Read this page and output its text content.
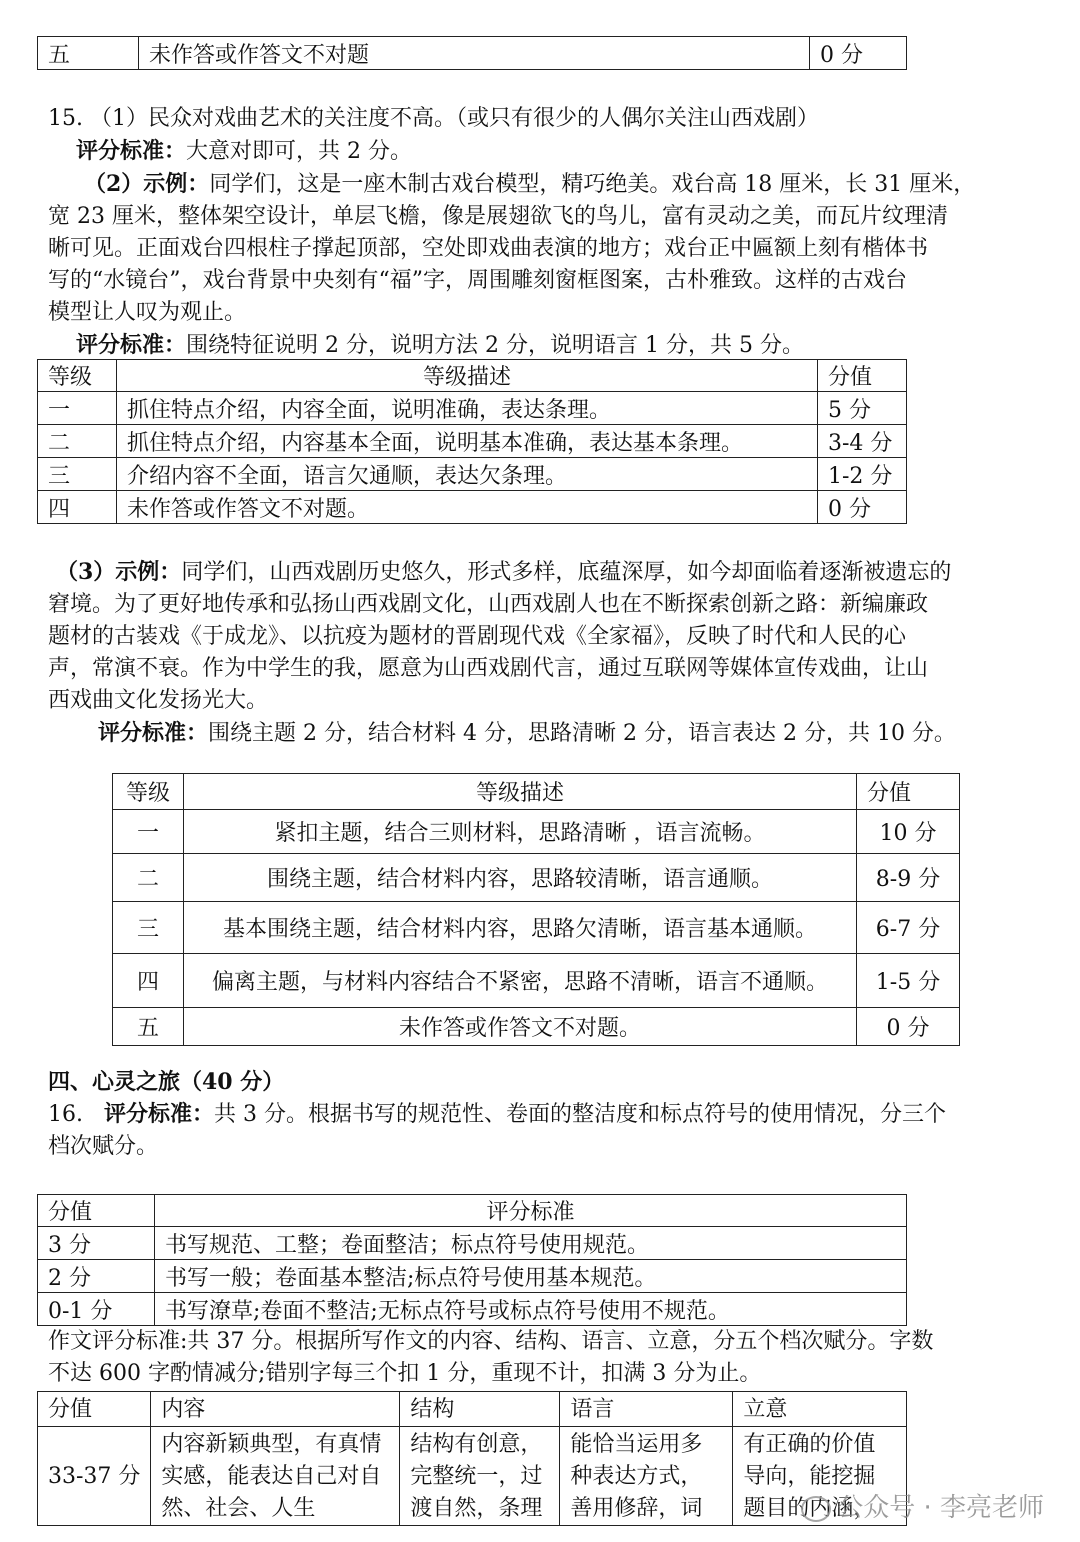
五	未作答或作答文不对题	0 分
15. （1）民众对戏曲艺术的关注度不高。（或只有很少的人偶尔关注山西戏剧）
评分标准：大意对即可，共 2 分。
（2）示例：同学们，这是一座木制古戏台模型，精巧绝美。戏台高 18 厘米，长 31 厘米，
宽 23 厘米，整体架空设计，单层飞檐，像是展翅欲飞的鸟儿，富有灵动之美，而瓦片纹理清
晰可见。正面戏台四根柱子撑起顶部，空处即戏曲表演的地方；戏台正中匾额上刻有楷体书
写的“水镜台”，戏台背景中央刻有“福”字，周围雕刻窗框图案，古朴雅致。这样的古戏台
模型让人叹为观止。
评分标准：围绕特征说明 2 分，说明方法 2 分，说明语言 1 分，共 5 分。
等级	等级描述	分值
一	抓住特点介绍，内容全面，说明准确，表达条理。	5 分
二	抓住特点介绍，内容基本全面，说明基本准确，表达基本条理。	3-4 分
三	介绍内容不全面，语言欠通顺，表达欠条理。	1-2 分
四	未作答或作答文不对题。	0 分
（3）示例：同学们，山西戏剧历史悠久，形式多样，底蕴深厚，如今却面临着逐渐被遗忘的
窘境。为了更好地传承和弘扬山西戏剧文化，山西戏剧人也在不断探索创新之路：新编廉政
题材的古装戏《于成龙》、以抗疫为题材的晋剧现代戏《全家福》，反映了时代和人民的心
声，常演不衰。作为中学生的我，愿意为山西戏剧代言，通过互联网等媒体宣传戏曲，让山
西戏曲文化发扬光大。
评分标准：围绕主题 2 分，结合材料 4 分，思路清晰 2 分，语言表达 2 分，共 10 分。
等级	等级描述	分值
一	紧扣主题，结合三则材料，思路清晰 ，语言流畅。	10 分
二	围绕主题，结合材料内容，思路较清晰，语言通顺。	8-9 分
三	基本围绕主题，结合材料内容，思路欠清晰，语言基本通顺。	6-7 分
四	偏离主题，与材料内容结合不紧密，思路不清晰，语言不通顺。	1-5 分
五	未作答或作答文不对题。	0 分
四、心灵之旅（40 分）
16. 评分标准：共 3 分。根据书写的规范性、卷面的整洁度和标点符号的使用情况，分三个
档次赋分。
分值	评分标准
3 分	书写规范、工整；卷面整洁；标点符号使用规范。
2 分	书写一般；卷面基本整洁;标点符号使用基本规范。
0-1 分	书写潦草;卷面不整洁;无标点符号或标点符号使用不规范。
作文评分标准:共 37 分。根据所写作文的内容、结构、语言、立意，分五个档次赋分。字数
不达 600 字酌情减分;错别字每三个扣 1 分，重现不计，扣满 3 分为止。
分值	内容	结构	语言	立意
33-37 分	内容新颖典型，有真情实感，能表达自己对自然、社会、人生	结构有创意，完整统一，过渡自然，条理	能恰当运用多种表达方式，善用修辞，词	有正确的价值导向，能挖掘题目的内涵，
公众号 · 李亮老师
